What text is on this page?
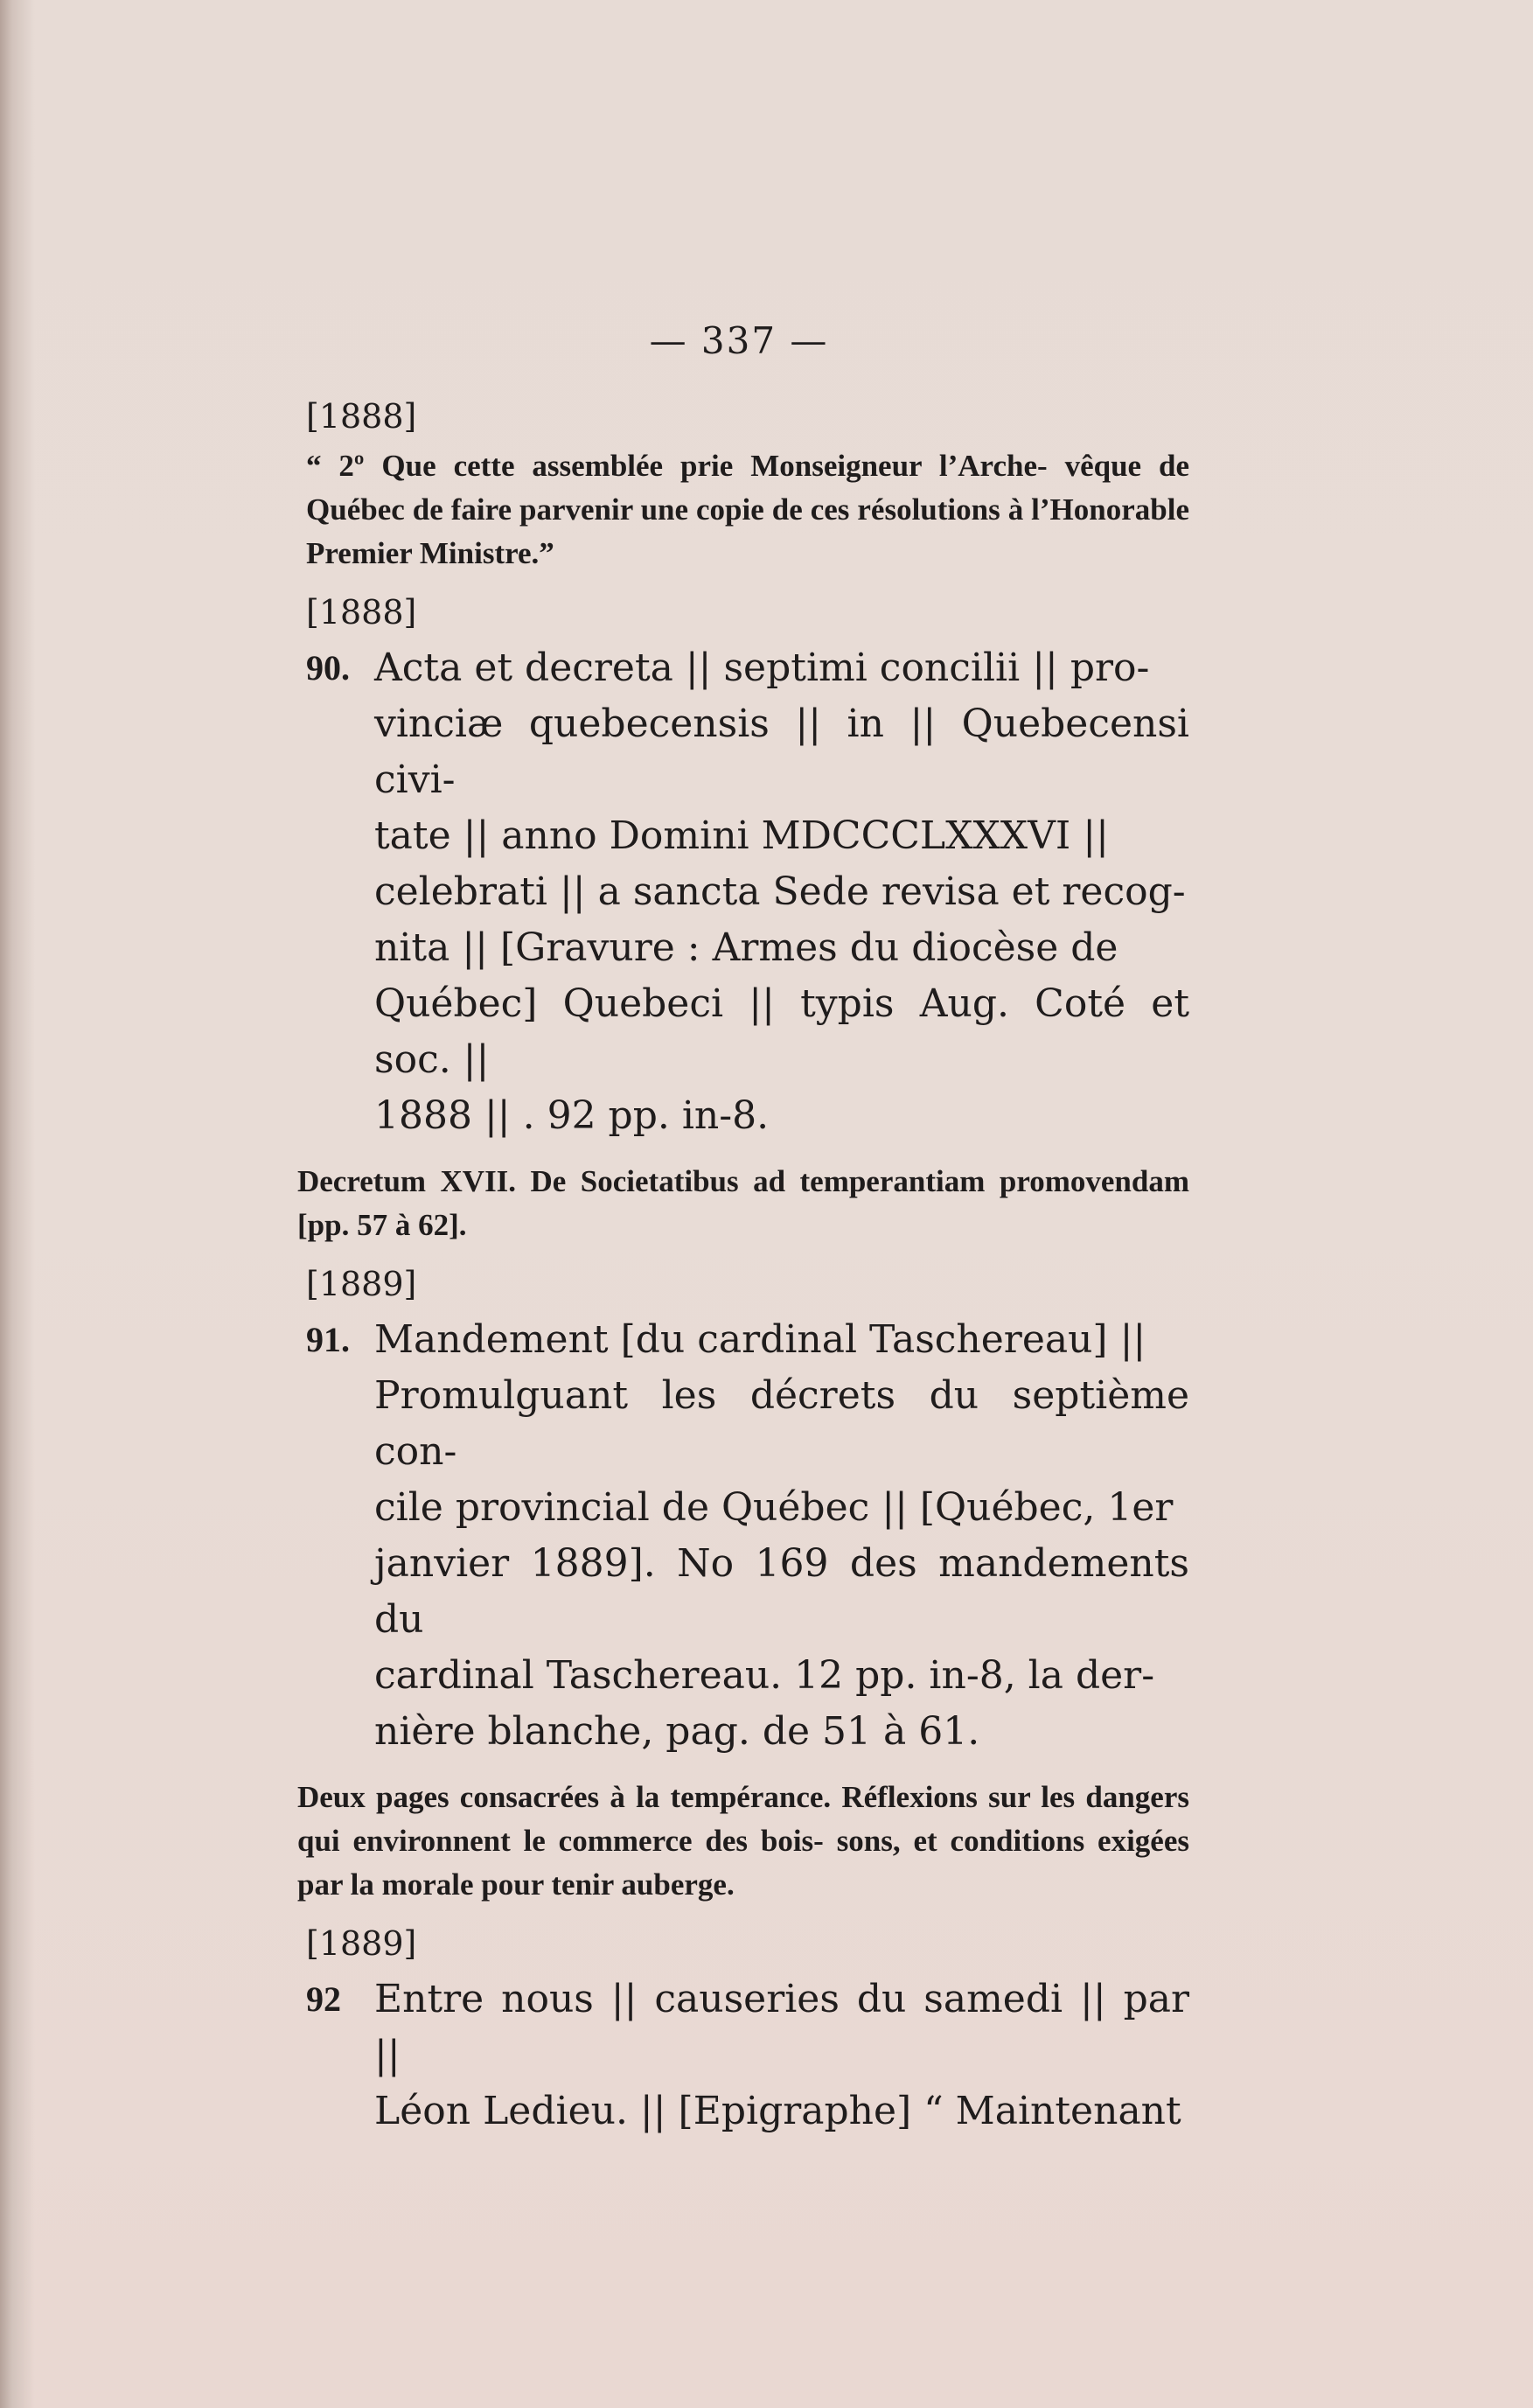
— 337 —
[1888]
“ 2º Que cette assemblée prie Monseigneur l’Arche- vêque de Québec de faire parvenir une copie de ces résolutions à l’Honorable Premier Ministre.”
[1888]
90. Acta et decreta || septimi concilii || pro-
vinciæ quebecensis || in || Quebecensi civi-
tate || anno Domini MDCCCLXXXVI ||
celebrati || a sancta Sede revisa et recog-
nita || [Gravure : Armes du diocèse de
Québec] Quebeci || typis Aug. Coté et soc. ||
1888 || . 92 pp. in-8.
Decretum XVII. De Societatibus ad temperantiam promovendam [pp. 57 à 62].
[1889]
91. Mandement [du cardinal Taschereau] ||
Promulguant les décrets du septième con-
cile provincial de Québec || [Québec, 1er
janvier 1889]. No 169 des mandements du
cardinal Taschereau. 12 pp. in-8, la der-
nière blanche, pag. de 51 à 61.
Deux pages consacrées à la tempérance. Réflexions sur les dangers qui environnent le commerce des bois- sons, et conditions exigées par la morale pour tenir auberge.
[1889]
92 Entre nous || causeries du samedi || par ||
Léon Ledieu. || [Epigraphe] “ Maintenant
